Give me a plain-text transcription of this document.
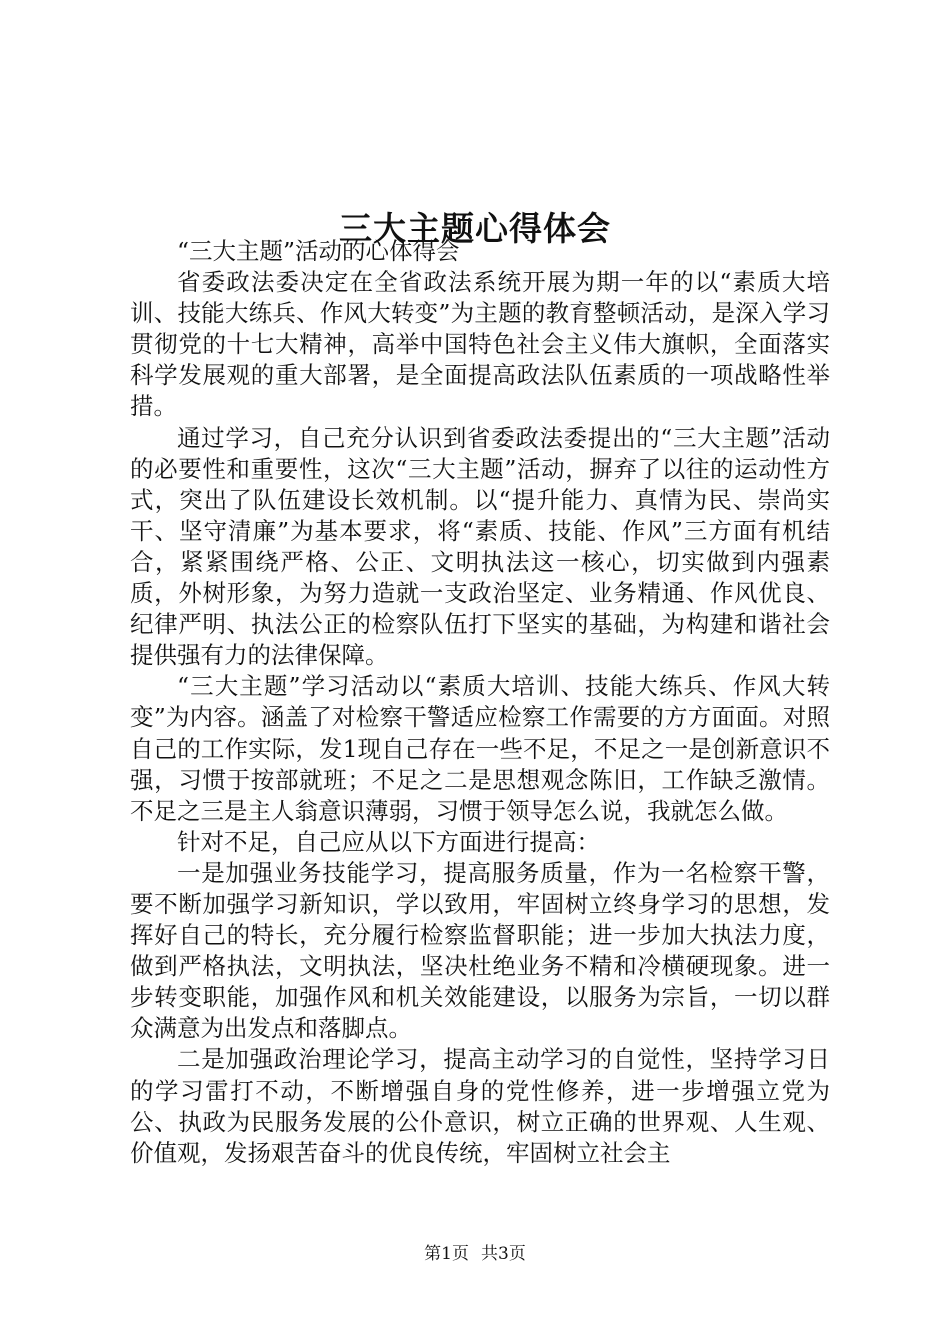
三大主题心得体会

“三大主题”活动的心体得会

省委政法委决定在全省政法系统开展为期一年的以“素质大培训、技能大练兵、作风大转变”为主题的教育整顿活动，是深入学习贯彻党的十七大精神，高举中国特色社会主义伟大旗帜，全面落实科学发展观的重大部署，是全面提高政法队伍素质的一项战略性举措。

通过学习，自己充分认识到省委政法委提出的“三大主题”活动的必要性和重要性，这次“三大主题”活动，摒弃了以往的运动性方式，突出了队伍建设长效机制。以“提升能力、真情为民、崇尚实干、坚守清廉”为基本要求，将“素质、技能、作风”三方面有机结合，紧紧围绕严格、公正、文明执法这一核心，切实做到内强素质，外树形象，为努力造就一支政治坚定、业务精通、作风优良、纪律严明、执法公正的检察队伍打下坚实的基础，为构建和谐社会提供强有力的法律保障。

“三大主题”学习活动以“素质大培训、技能大练兵、作风大转变”为内容。涵盖了对检察干警适应检察工作需要的方方面面。对照自己的工作实际，发1现自己存在一些不足，不足之一是创新意识不强，习惯于按部就班；不足之二是思想观念陈旧，工作缺乏激情。不足之三是主人翁意识薄弱，习惯于领导怎么说，我就怎么做。

针对不足，自己应从以下方面进行提高：

一是加强业务技能学习，提高服务质量，作为一名检察干警，要不断加强学习新知识，学以致用，牢固树立终身学习的思想，发挥好自己的特长，充分履行检察监督职能；进一步加大执法力度，做到严格执法，文明执法，坚决杜绝业务不精和冷横硬现象。进一步转变职能，加强作风和机关效能建设，以服务为宗旨，一切以群众满意为出发点和落脚点。

二是加强政治理论学习，提高主动学习的自觉性，坚持学习日的学习雷打不动，不断增强自身的党性修养，进一步增强立党为公、执政为民服务发展的公仆意识，树立正确的世界观、人生观、价值观，发扬艰苦奋斗的优良传统，牢固树立社会主

第1页 共3页
